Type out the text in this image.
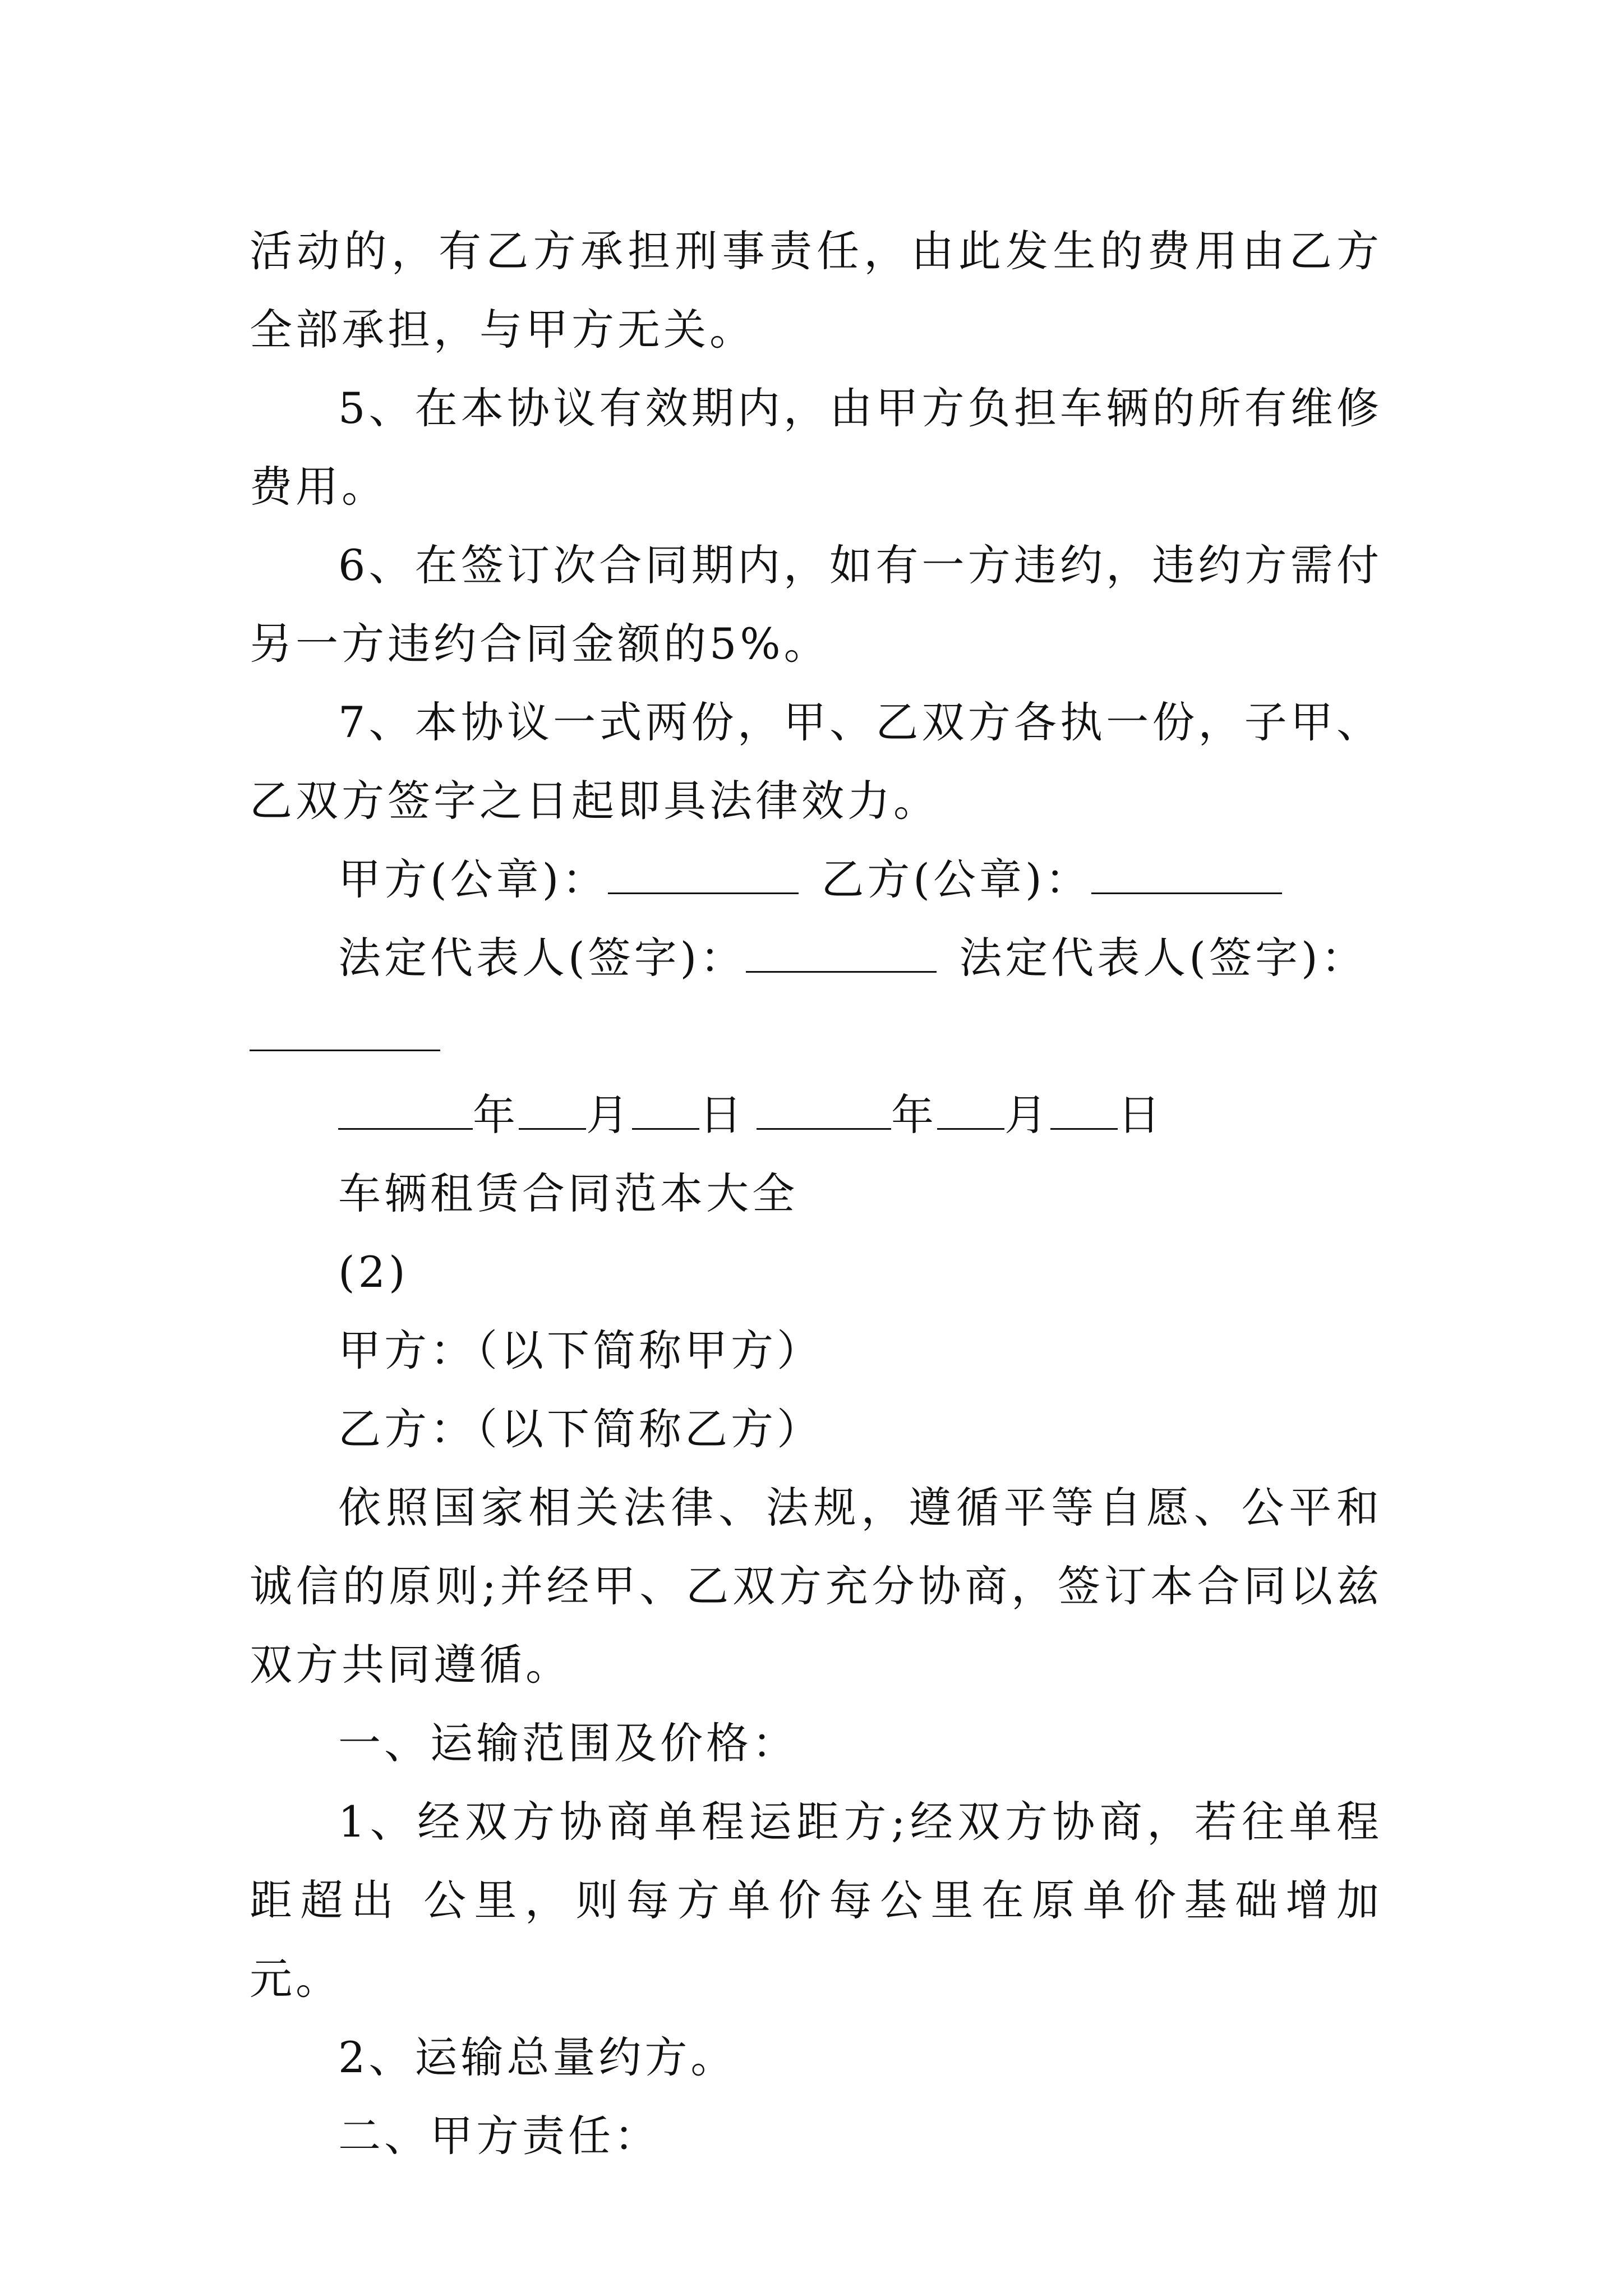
活动的，有乙方承担刑事责任，由此发生的费用由乙方全部承担，与甲方无关。

5、在本协议有效期内，由甲方负担车辆的所有维修费用。

6、在签订次合同期内，如有一方违约，违约方需付另一方违约合同金额的5%。

7、本协议一式两份，甲、乙双方各执一份，子甲、乙双方签字之日起即具法律效力。

甲方(公章)：	乙方(公章)：
法定代表人(签字)：	法定代表人(签字)：
年 月 日	年 月 日
车辆租赁合同范本大全
(2)
甲方：（以下简称甲方）
乙方：（以下简称乙方）

依照国家相关法律、法规，遵循平等自愿、公平和诚信的原则;并经甲、乙双方充分协商，签订本合同以兹双方共同遵循。

一、运输范围及价格：

1、经双方协商单程运距方;经双方协商，若往单程距超出 公里，则每方单价每公里在原单价基础增加 元。

2、运输总量约方。
二、甲方责任：
